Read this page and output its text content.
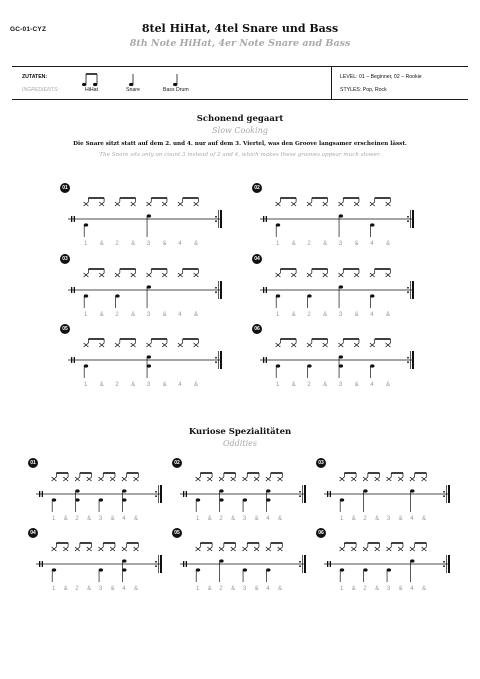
GC-01-CYZ	8tel HiHat, 4tel Snare und Bass
8th Note HiHat, 4er Note Snare and Bass
ZUTATEN:
INGREDIENTS:	HiHat	Snare	Bass Drum
LEVEL: 01 – Beginner, 02 – Rookie
STYLES: Pop, Rock
Schonend gegaart
Slow Cooking
Die Snare sitzt statt auf dem 2. und 4. nur auf dem 3. Viertel, was den Groove langsamer erscheinen lässt.
The Snare sits only on count 3 instead of 2 and 4, which makes these grooves appear much slower.
Kuriose Spezialitäten
Oddities
01
1 & 2 & 3 & 4 &
02
1 & 2 & 3 & 4 &
03
1 & 2 & 3 & 4 &
04
1 & 2 & 3 & 4 &
05
1 & 2 & 3 & 4 &
06
1 & 2 & 3 & 4 &
01
1 & 2 & 3 & 4 &
02
1 & 2 & 3 & 4 &
03
1 & 2 & 3 & 4 &
04
1 & 2 & 3 & 4 &
05
1 & 2 & 3 & 4 &
06
1 & 2 & 3 & 4 &
